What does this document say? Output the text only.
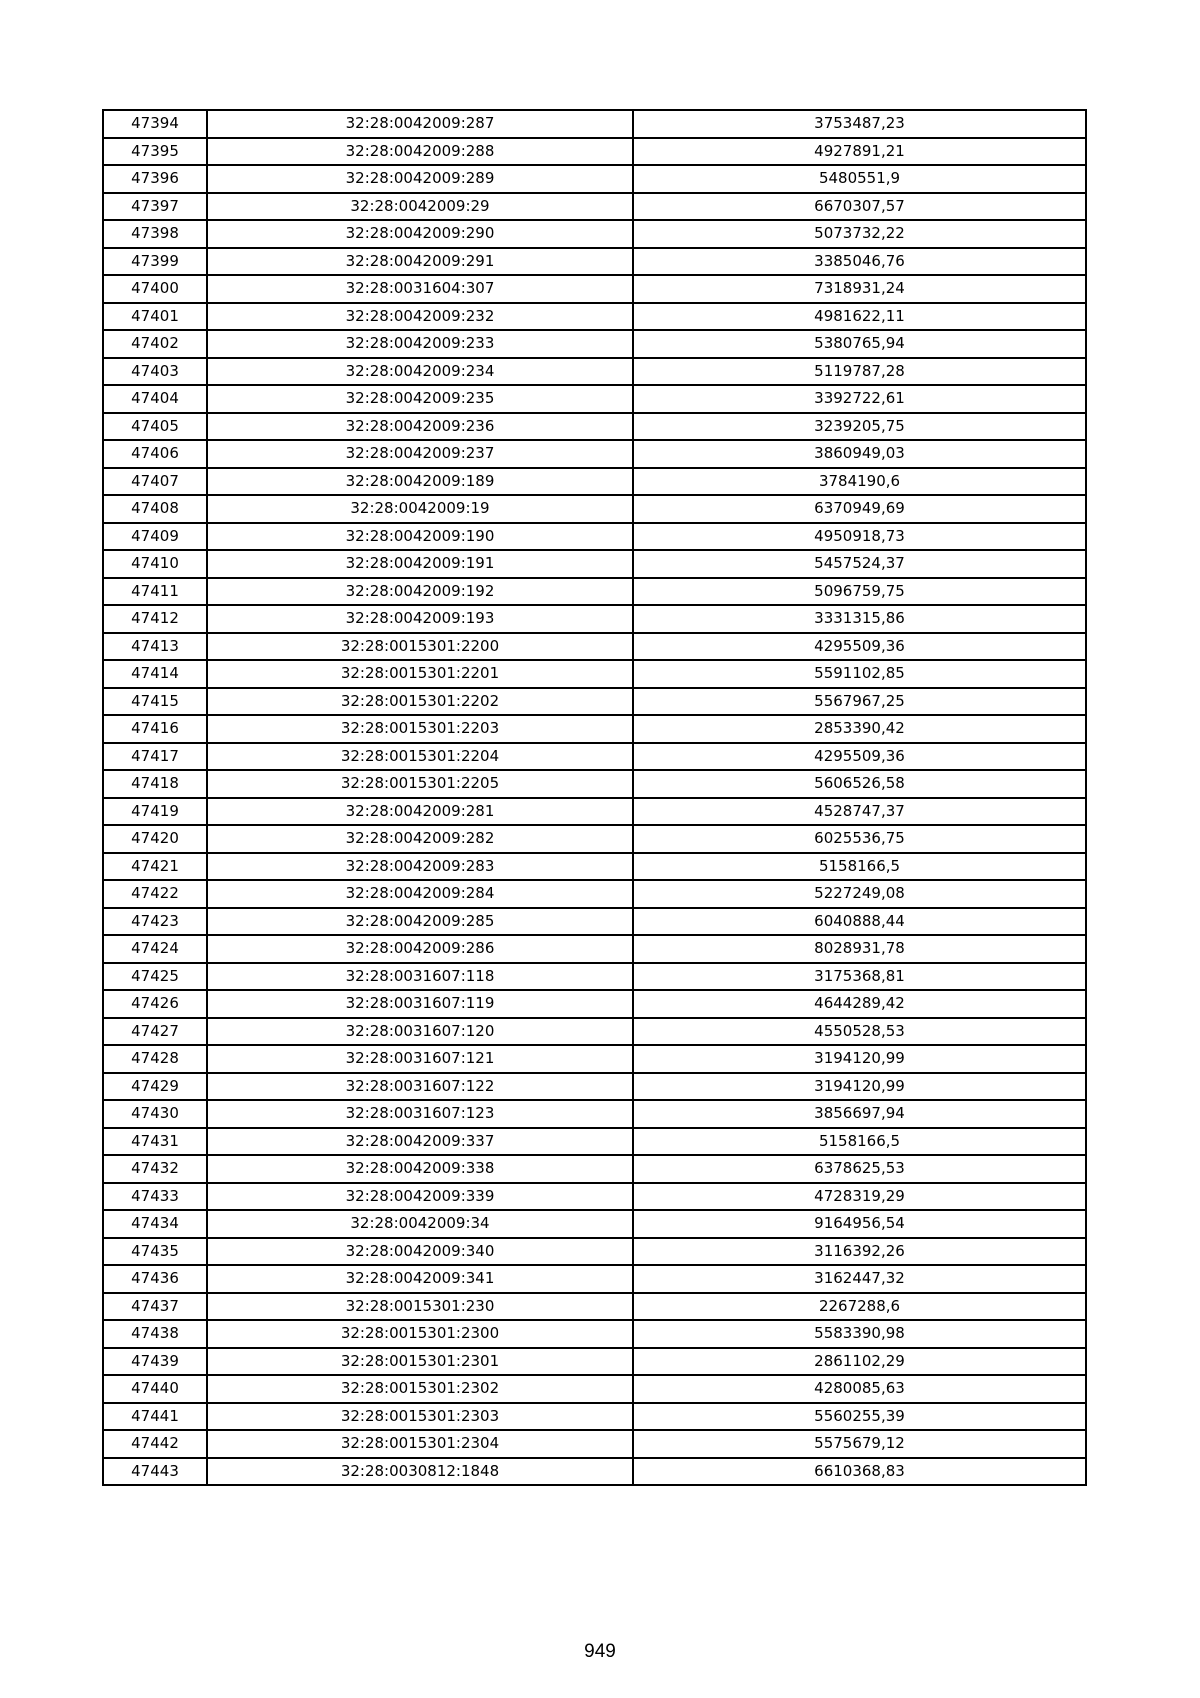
47394	32:28:0042009:287	3753487,23
47395	32:28:0042009:288	4927891,21
47396	32:28:0042009:289	5480551,9
47397	32:28:0042009:29	6670307,57
47398	32:28:0042009:290	5073732,22
47399	32:28:0042009:291	3385046,76
47400	32:28:0031604:307	7318931,24
47401	32:28:0042009:232	4981622,11
47402	32:28:0042009:233	5380765,94
47403	32:28:0042009:234	5119787,28
47404	32:28:0042009:235	3392722,61
47405	32:28:0042009:236	3239205,75
47406	32:28:0042009:237	3860949,03
47407	32:28:0042009:189	3784190,6
47408	32:28:0042009:19	6370949,69
47409	32:28:0042009:190	4950918,73
47410	32:28:0042009:191	5457524,37
47411	32:28:0042009:192	5096759,75
47412	32:28:0042009:193	3331315,86
47413	32:28:0015301:2200	4295509,36
47414	32:28:0015301:2201	5591102,85
47415	32:28:0015301:2202	5567967,25
47416	32:28:0015301:2203	2853390,42
47417	32:28:0015301:2204	4295509,36
47418	32:28:0015301:2205	5606526,58
47419	32:28:0042009:281	4528747,37
47420	32:28:0042009:282	6025536,75
47421	32:28:0042009:283	5158166,5
47422	32:28:0042009:284	5227249,08
47423	32:28:0042009:285	6040888,44
47424	32:28:0042009:286	8028931,78
47425	32:28:0031607:118	3175368,81
47426	32:28:0031607:119	4644289,42
47427	32:28:0031607:120	4550528,53
47428	32:28:0031607:121	3194120,99
47429	32:28:0031607:122	3194120,99
47430	32:28:0031607:123	3856697,94
47431	32:28:0042009:337	5158166,5
47432	32:28:0042009:338	6378625,53
47433	32:28:0042009:339	4728319,29
47434	32:28:0042009:34	9164956,54
47435	32:28:0042009:340	3116392,26
47436	32:28:0042009:341	3162447,32
47437	32:28:0015301:230	2267288,6
47438	32:28:0015301:2300	5583390,98
47439	32:28:0015301:2301	2861102,29
47440	32:28:0015301:2302	4280085,63
47441	32:28:0015301:2303	5560255,39
47442	32:28:0015301:2304	5575679,12
47443	32:28:0030812:1848	6610368,83
949
